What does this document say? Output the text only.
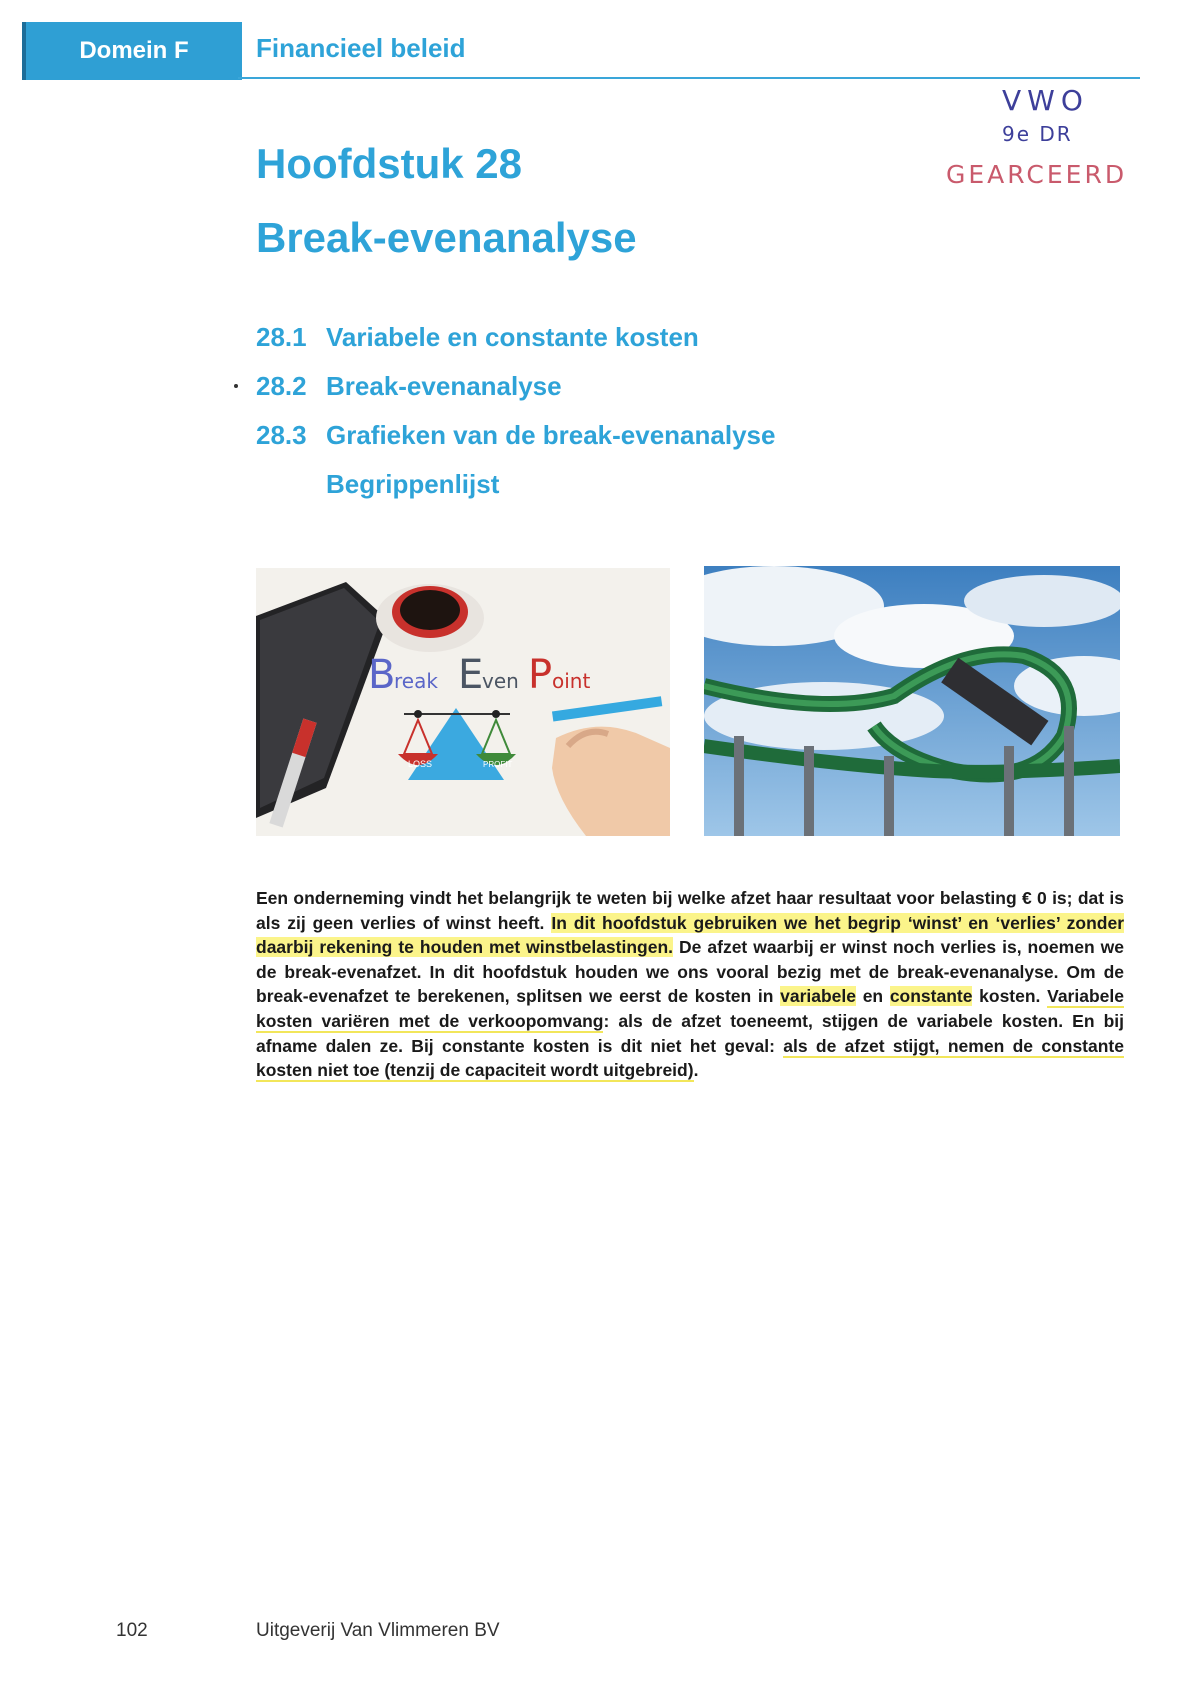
Domein F	Financieel beleid
VWO
9e DR
GEARCEERD
Hoofdstuk 28
Break-evenanalyse
28.1 Variabele en constante kosten
28.2 Break-evenanalyse
28.3 Grafieken van de break-evenanalyse
Begrippenlijst
B
reak E
ven P oint
LOSS	PROFIT

Een onderneming vindt het belangrijk te weten bij welke afzet haar resultaat voor belasting € 0 is; dat is als zij geen verlies of winst heeft. In dit hoofdstuk gebruiken we het begrip ‘winst’ en ‘verlies’ zonder daarbij rekening te houden met winstbelastingen. De afzet waarbij er winst noch verlies is, noemen we de break-evenafzet. In dit hoofdstuk houden we ons vooral bezig met de break-evenanalyse. Om de break-evenafzet te berekenen, splitsen we eerst de kosten in variabele en constante kosten. Variabele kosten variëren met de verkoopomvang: als de afzet toeneemt, stijgen de variabele kosten. En bij afname dalen ze. Bij constante kosten is dit niet het geval: als de afzet stijgt, nemen de constante kosten niet toe (tenzij de capaciteit wordt uitgebreid).

102	Uitgeverij Van Vlimmeren BV
